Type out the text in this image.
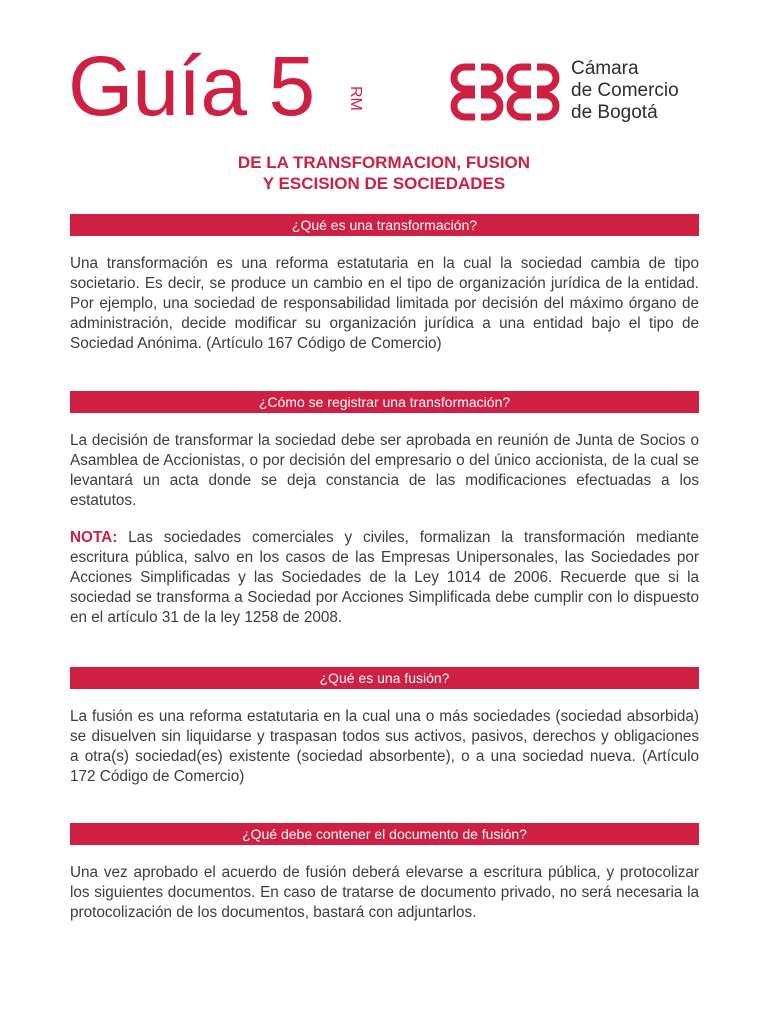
Guía 5 RM
Cámara
de Comercio
de Bogotá
DE LA TRANSFORMACION, FUSION
Y ESCISION DE SOCIEDADES
¿Qué es una transformación?
Una transformación es una reforma estatutaria en la cual la sociedad cambia de tipo societario. Es decir, se produce un cambio en el tipo de organización jurídica de la entidad. Por ejemplo, una sociedad de responsabilidad limitada por decisión del máximo órgano de administración, decide modificar su organización jurídica a una entidad bajo el tipo de Sociedad Anónima. (Artículo 167 Código de Comercio)
¿Cómo se registrar una transformación?
La decisión de transformar la sociedad debe ser aprobada en reunión de Junta de Socios o Asamblea de Accionistas, o por decisión del empresario o del único accionista, de la cual se levantará un acta donde se deja constancia de las modificaciones efectuadas a los estatutos.
NOTA: Las sociedades comerciales y civiles, formalizan la transformación mediante escritura pública, salvo en los casos de las Empresas Unipersonales, las Sociedades por Acciones Simplificadas y las Sociedades de la Ley 1014 de 2006. Recuerde que si la sociedad se transforma a Sociedad por Acciones Simplificada debe cumplir con lo dispuesto en el artículo 31 de la ley 1258 de 2008.
¿Qué es una fusión?
La fusión es una reforma estatutaria en la cual una o más sociedades (sociedad absorbida) se disuelven sin liquidarse y traspasan todos sus activos, pasivos, derechos y obligaciones a otra(s) sociedad(es) existente (sociedad absorbente), o a una sociedad nueva. (Artículo 172 Código de Comercio)
¿Qué debe contener el documento de fusión?
Una vez aprobado el acuerdo de fusión deberá elevarse a escritura pública, y protocolizar los siguientes documentos. En caso de tratarse de documento privado, no será necesaria la protocolización de los documentos, bastará con adjuntarlos.
